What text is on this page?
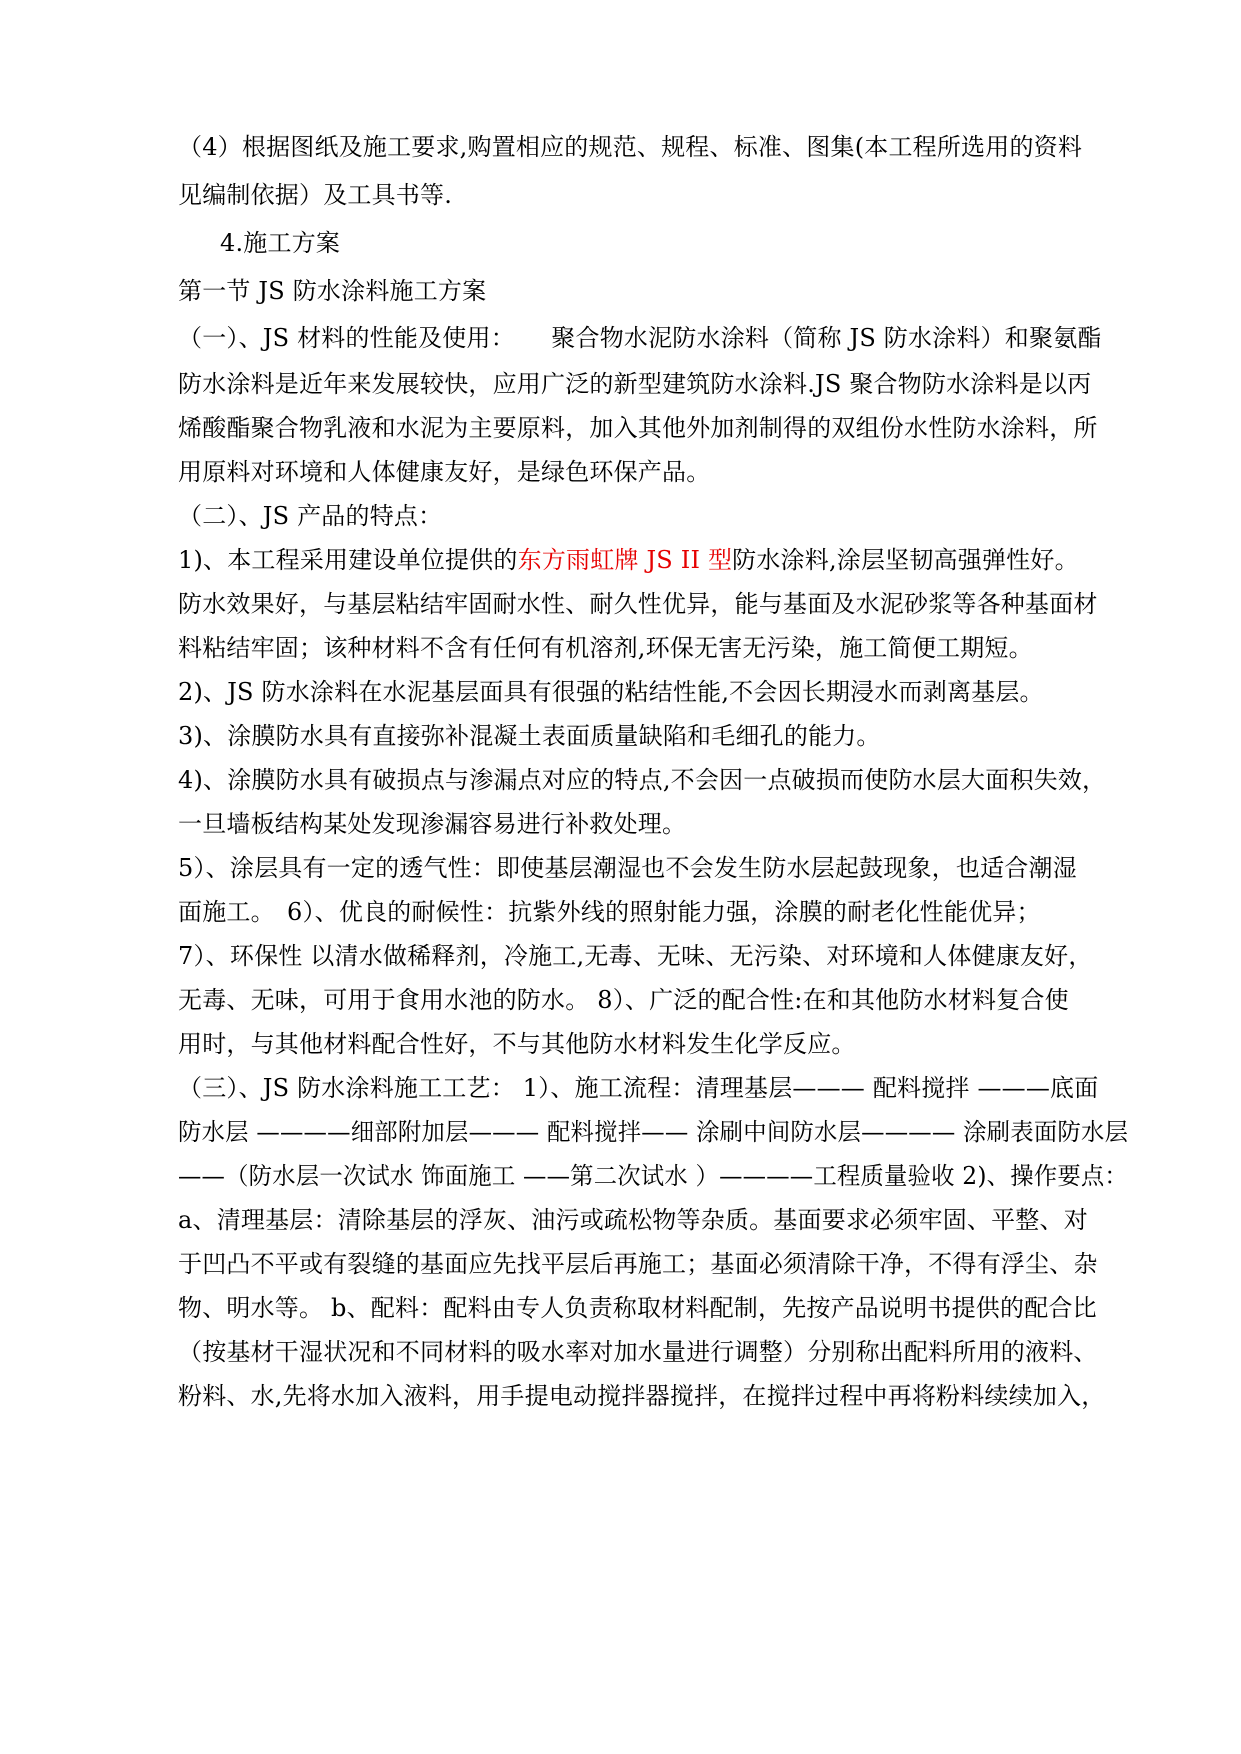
（4）根据图纸及施工要求,购置相应的规范、规程、标准、图集(本工程所选用的资料
见编制依据）及工具书等.
4.施工方案
第一节 JS 防水涂料施工方案
（一）、JS 材料的性能及使用：　　聚合物水泥防水涂料（简称 JS 防水涂料）和聚氨酯
防水涂料是近年来发展较快，应用广泛的新型建筑防水涂料.JS 聚合物防水涂料是以丙
烯酸酯聚合物乳液和水泥为主要原料，加入其他外加剂制得的双组份水性防水涂料，所
用原料对环境和人体健康友好，是绿色环保产品。
（二）、JS 产品的特点：
1)、本工程采用建设单位提供的东方雨虹牌 JS II 型防水涂料,涂层坚韧高强弹性好。
防水效果好，与基层粘结牢固耐水性、耐久性优异，能与基面及水泥砂浆等各种基面材
料粘结牢固；该种材料不含有任何有机溶剂,环保无害无污染，施工简便工期短。
2)、JS 防水涂料在水泥基层面具有很强的粘结性能,不会因长期浸水而剥离基层。
3)、涂膜防水具有直接弥补混凝土表面质量缺陷和毛细孔的能力。
4)、涂膜防水具有破损点与渗漏点对应的特点,不会因一点破损而使防水层大面积失效，
一旦墙板结构某处发现渗漏容易进行补救处理。
5）、涂层具有一定的透气性：即使基层潮湿也不会发生防水层起鼓现象，也适合潮湿
面施工。　6）、优良的耐候性：抗紫外线的照射能力强，涂膜的耐老化性能优异；
7）、环保性 以清水做稀释剂，冷施工,无毒、无味、无污染、对环境和人体健康友好，
无毒、无味，可用于食用水池的防水。 8）、广泛的配合性:在和其他防水材料复合使
用时，与其他材料配合性好，不与其他防水材料发生化学反应。
（三）、JS 防水涂料施工工艺： 1）、施工流程：清理基层——— 配料搅拌 ———底面
防水层 ————细部附加层——— 配料搅拌—— 涂刷中间防水层———— 涂刷表面防水层
——（防水层一次试水 饰面施工 ——第二次试水 ）————工程质量验收 2)、操作要点：
a、清理基层：清除基层的浮灰、油污或疏松物等杂质。基面要求必须牢固、平整、对
于凹凸不平或有裂缝的基面应先找平层后再施工；基面必须清除干净，不得有浮尘、杂
物、明水等。 b、配料：配料由专人负责称取材料配制，先按产品说明书提供的配合比
（按基材干湿状况和不同材料的吸水率对加水量进行调整）分别称出配料所用的液料、
粉料、水,先将水加入液料，用手提电动搅拌器搅拌，在搅拌过程中再将粉料续续加入，
